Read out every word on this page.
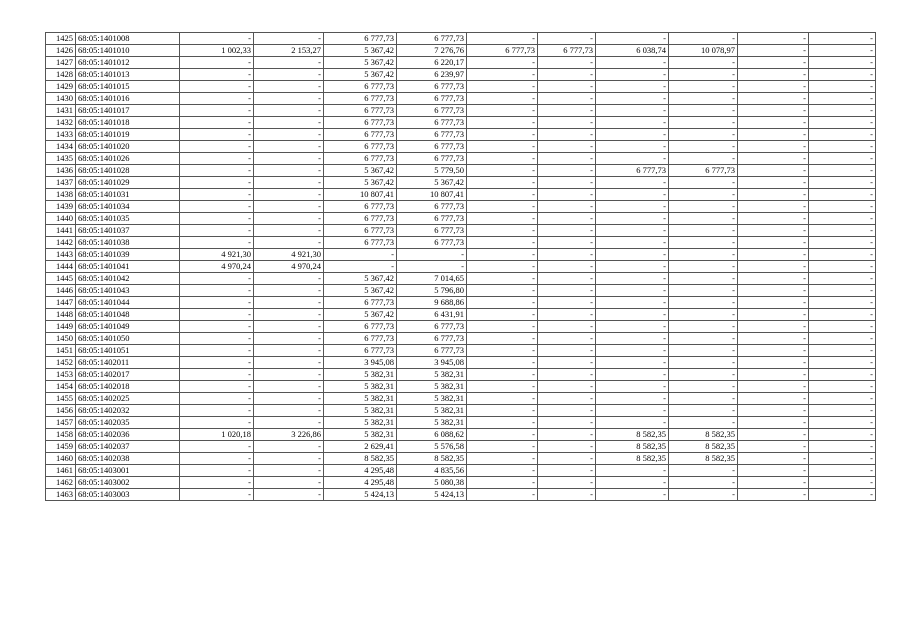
1425	68:05:1401008	-	-	6 777,73	6 777,73	-	-	-	-	-	-
1426	68:05:1401010	1 002,33	2 153,27	5 367,42	7 276,76	6 777,73	6 777,73	6 038,74	10 078,97	-	-
1427	68:05:1401012	-	-	5 367,42	6 220,17	-	-	-	-	-	-
1428	68:05:1401013	-	-	5 367,42	6 239,97	-	-	-	-	-	-
1429	68:05:1401015	-	-	6 777,73	6 777,73	-	-	-	-	-	-
1430	68:05:1401016	-	-	6 777,73	6 777,73	-	-	-	-	-	-
1431	68:05:1401017	-	-	6 777,73	6 777,73	-	-	-	-	-	-
1432	68:05:1401018	-	-	6 777,73	6 777,73	-	-	-	-	-	-
1433	68:05:1401019	-	-	6 777,73	6 777,73	-	-	-	-	-	-
1434	68:05:1401020	-	-	6 777,73	6 777,73	-	-	-	-	-	-
1435	68:05:1401026	-	-	6 777,73	6 777,73	-	-	-	-	-	-
1436	68:05:1401028	-	-	5 367,42	5 779,50	-	-	6 777,73	6 777,73	-	-
1437	68:05:1401029	-	-	5 367,42	5 367,42	-	-	-	-	-	-
1438	68:05:1401031	-	-	10 807,41	10 807,41	-	-	-	-	-	-
1439	68:05:1401034	-	-	6 777,73	6 777,73	-	-	-	-	-	-
1440	68:05:1401035	-	-	6 777,73	6 777,73	-	-	-	-	-	-
1441	68:05:1401037	-	-	6 777,73	6 777,73	-	-	-	-	-	-
1442	68:05:1401038	-	-	6 777,73	6 777,73	-	-	-	-	-	-
1443	68:05:1401039	4 921,30	4 921,30	-	-	-	-	-	-	-	-
1444	68:05:1401041	4 970,24	4 970,24	-	-	-	-	-	-	-	-
1445	68:05:1401042	-	-	5 367,42	7 014,65	-	-	-	-	-	-
1446	68:05:1401043	-	-	5 367,42	5 796,80	-	-	-	-	-	-
1447	68:05:1401044	-	-	6 777,73	9 688,86	-	-	-	-	-	-
1448	68:05:1401048	-	-	5 367,42	6 431,91	-	-	-	-	-	-
1449	68:05:1401049	-	-	6 777,73	6 777,73	-	-	-	-	-	-
1450	68:05:1401050	-	-	6 777,73	6 777,73	-	-	-	-	-	-
1451	68:05:1401051	-	-	6 777,73	6 777,73	-	-	-	-	-	-
1452	68:05:1402011	-	-	3 945,08	3 945,08	-	-	-	-	-	-
1453	68:05:1402017	-	-	5 382,31	5 382,31	-	-	-	-	-	-
1454	68:05:1402018	-	-	5 382,31	5 382,31	-	-	-	-	-	-
1455	68:05:1402025	-	-	5 382,31	5 382,31	-	-	-	-	-	-
1456	68:05:1402032	-	-	5 382,31	5 382,31	-	-	-	-	-	-
1457	68:05:1402035	-	-	5 382,31	5 382,31	-	-	-	-	-	-
1458	68:05:1402036	1 020,18	3 226,86	5 382,31	6 088,62	-	-	8 582,35	8 582,35	-	-
1459	68:05:1402037	-	-	2 629,41	5 576,58	-	-	8 582,35	8 582,35	-	-
1460	68:05:1402038	-	-	8 582,35	8 582,35	-	-	8 582,35	8 582,35	-	-
1461	68:05:1403001	-	-	4 295,48	4 835,56	-	-	-	-	-	-
1462	68:05:1403002	-	-	4 295,48	5 080,38	-	-	-	-	-	-
1463	68:05:1403003	-	-	5 424,13	5 424,13	-	-	-	-	-	-
